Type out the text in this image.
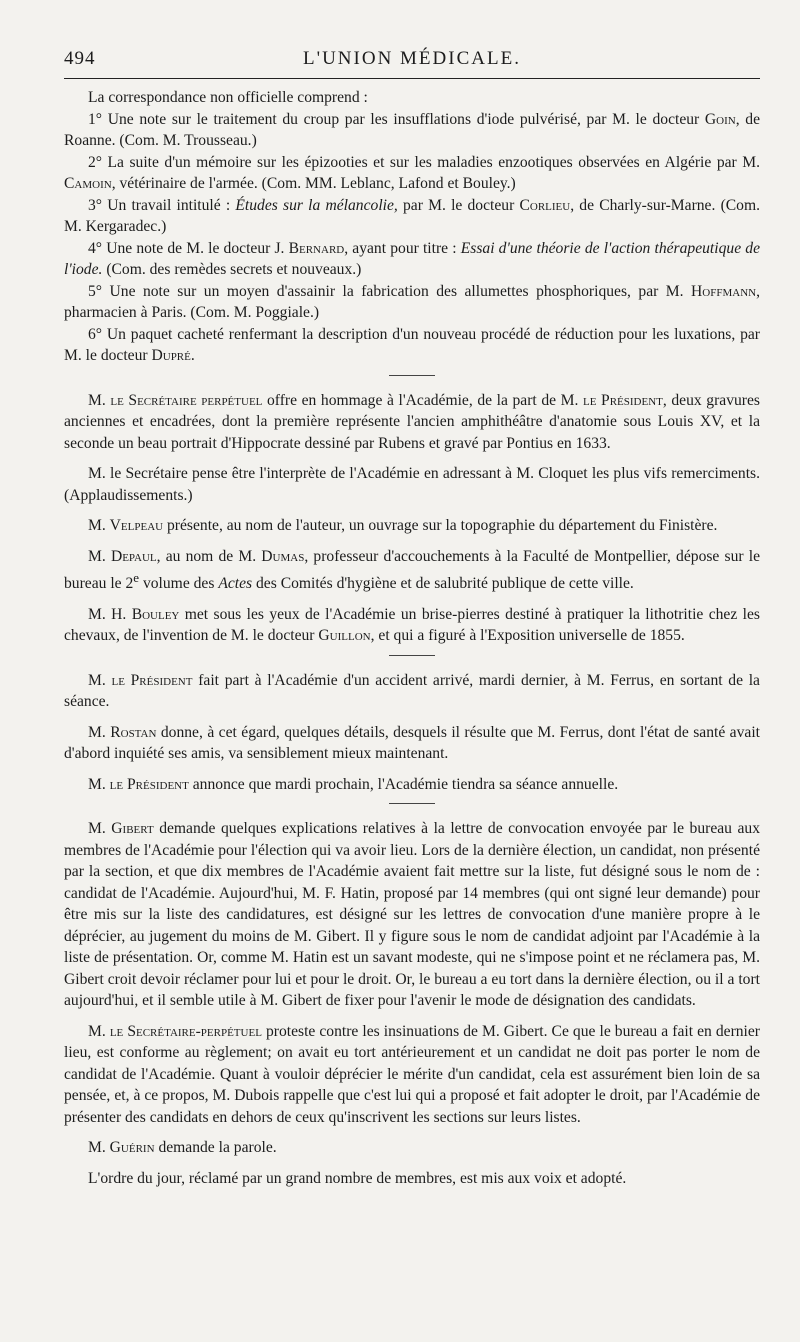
494	L'UNION MÉDICALE.

La correspondance non officielle comprend :

1° Une note sur le traitement du croup par les insufflations d'iode pulvérisé, par M. le docteur Goin, de Roanne. (Com. M. Trousseau.)

2° La suite d'un mémoire sur les épizooties et sur les maladies enzootiques observées en Algérie par M. Camoin, vétérinaire de l'armée. (Com. MM. Leblanc, Lafond et Bouley.)

3° Un travail intitulé : Études sur la mélancolie, par M. le docteur Corlieu, de Charly-sur-Marne. (Com. M. Kergaradec.)

4° Une note de M. le docteur J. Bernard, ayant pour titre : Essai d'une théorie de l'action thérapeutique de l'iode. (Com. des remèdes secrets et nouveaux.)

5° Une note sur un moyen d'assainir la fabrication des allumettes phosphoriques, par M. Hoffmann, pharmacien à Paris. (Com. M. Poggiale.)

6° Un paquet cacheté renfermant la description d'un nouveau procédé de réduction pour les luxations, par M. le docteur Dupré.

M. le Secrétaire perpétuel offre en hommage à l'Académie, de la part de M. le Président, deux gravures anciennes et encadrées, dont la première représente l'ancien amphithéâtre d'anatomie sous Louis XV, et la seconde un beau portrait d'Hippocrate dessiné par Rubens et gravé par Pontius en 1633.

M. le Secrétaire pense être l'interprète de l'Académie en adressant à M. Cloquet les plus vifs remerciments. (Applaudissements.)

M. Velpeau présente, au nom de l'auteur, un ouvrage sur la topographie du département du Finistère.

M. Depaul, au nom de M. Dumas, professeur d'accouchements à la Faculté de Montpellier, dépose sur le bureau le 2e volume des Actes des Comités d'hygiène et de salubrité publique de cette ville.

M. H. Bouley met sous les yeux de l'Académie un brise-pierres destiné à pratiquer la lithotritie chez les chevaux, de l'invention de M. le docteur Guillon, et qui a figuré à l'Exposition universelle de 1855.

M. le Président fait part à l'Académie d'un accident arrivé, mardi dernier, à M. Ferrus, en sortant de la séance.

M. Rostan donne, à cet égard, quelques détails, desquels il résulte que M. Ferrus, dont l'état de santé avait d'abord inquiété ses amis, va sensiblement mieux maintenant.

M. le Président annonce que mardi prochain, l'Académie tiendra sa séance annuelle.

M. Gibert demande quelques explications relatives à la lettre de convocation envoyée par le bureau aux membres de l'Académie pour l'élection qui va avoir lieu. Lors de la dernière élection, un candidat, non présenté par la section, et que dix membres de l'Académie avaient fait mettre sur la liste, fut désigné sous le nom de : candidat de l'Académie. Aujourd'hui, M. F. Hatin, proposé par 14 membres (qui ont signé leur demande) pour être mis sur la liste des candidatures, est désigné sur les lettres de convocation d'une manière propre à le déprécier, au jugement du moins de M. Gibert. Il y figure sous le nom de candidat adjoint par l'Académie à la liste de présentation. Or, comme M. Hatin est un savant modeste, qui ne s'impose point et ne réclamera pas, M. Gibert croit devoir réclamer pour lui et pour le droit. Or, le bureau a eu tort dans la dernière élection, ou il a tort aujourd'hui, et il semble utile à M. Gibert de fixer pour l'avenir le mode de désignation des candidats.

M. le Secrétaire-perpétuel proteste contre les insinuations de M. Gibert. Ce que le bureau a fait en dernier lieu, est conforme au règlement; on avait eu tort antérieurement et un candidat ne doit pas porter le nom de candidat de l'Académie. Quant à vouloir déprécier le mérite d'un candidat, cela est assurément bien loin de sa pensée, et, à ce propos, M. Dubois rappelle que c'est lui qui a proposé et fait adopter le droit, par l'Académie de présenter des candidats en dehors de ceux qu'inscrivent les sections sur leurs listes.

M. Guérin demande la parole.

L'ordre du jour, réclamé par un grand nombre de membres, est mis aux voix et adopté.
